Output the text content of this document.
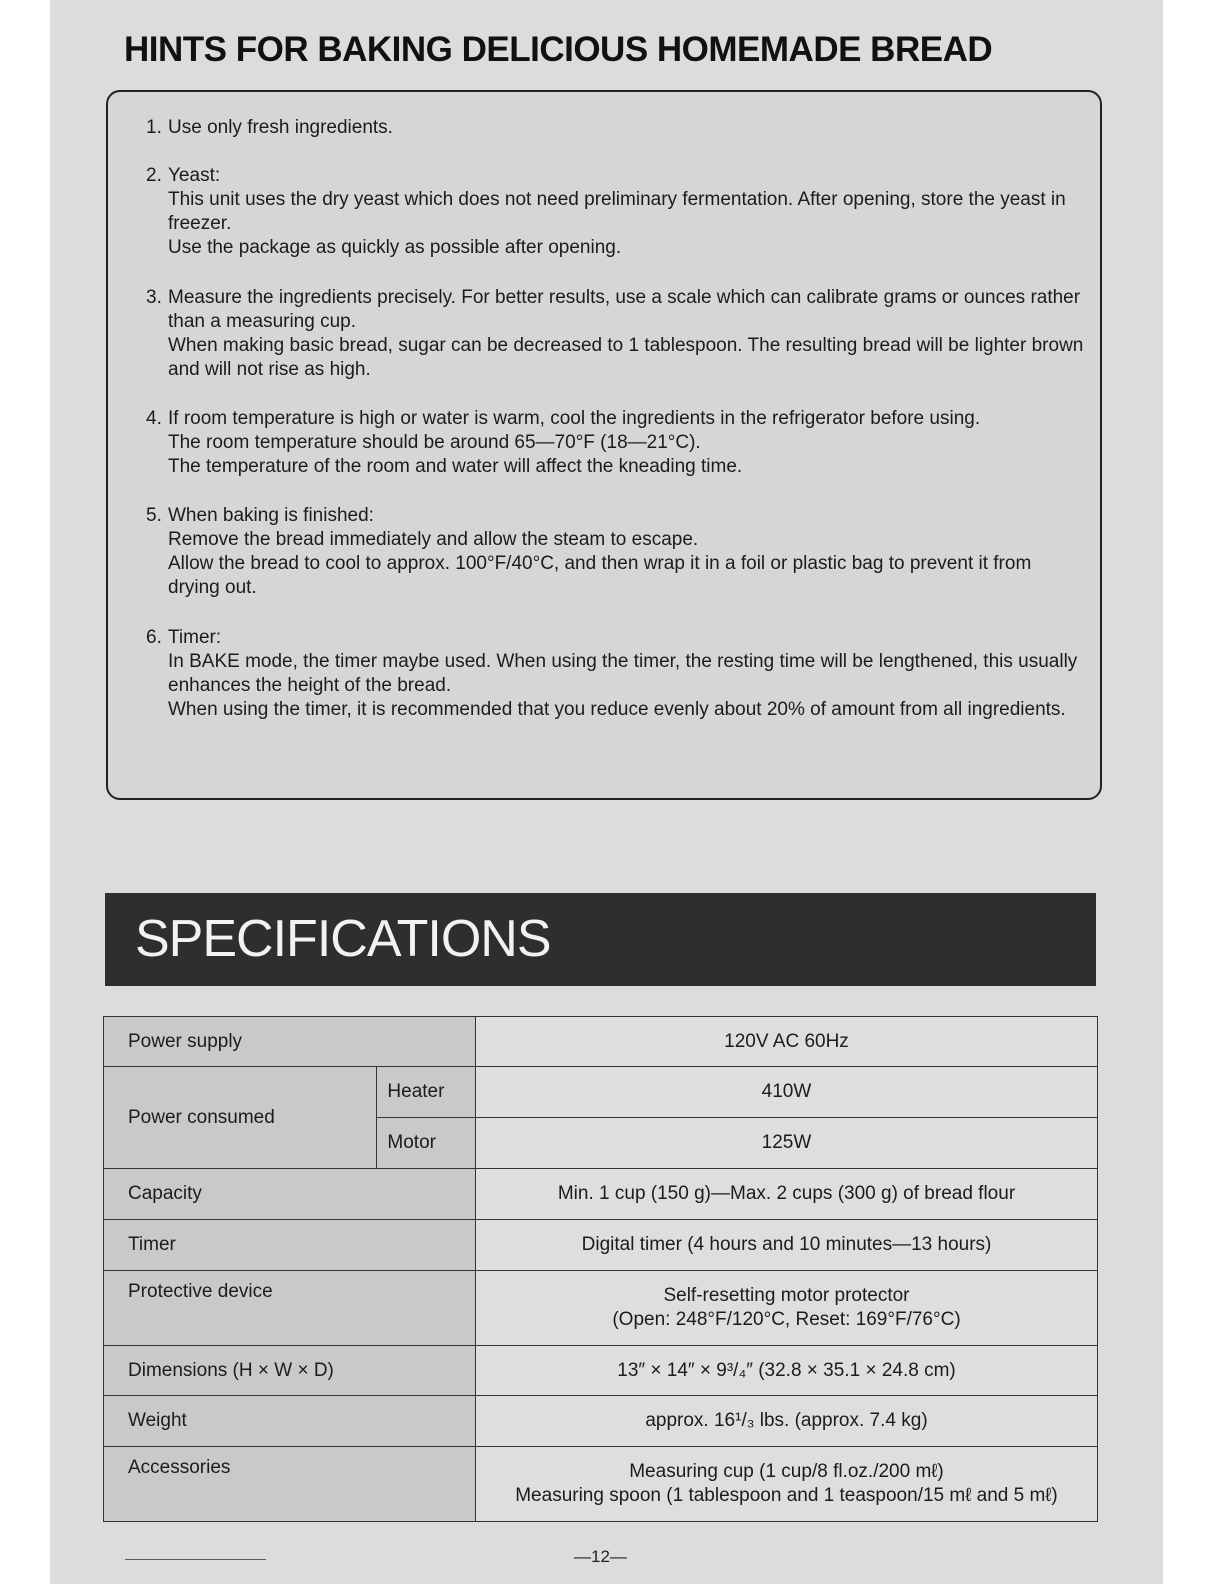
HINTS FOR BAKING DELICIOUS HOMEMADE BREAD
1. Use only fresh ingredients.

2. Yeast:

This unit uses the dry yeast which does not need preliminary fermentation. After opening, store the yeast in freezer.

Use the package as quickly as possible after opening.

3. Measure the ingredients precisely. For better results, use a scale which can calibrate grams or ounces rather than a measuring cup.

When making basic bread, sugar can be decreased to 1 tablespoon. The resulting bread will be lighter brown and will not rise as high.

4. If room temperature is high or water is warm, cool the ingredients in the refrigerator before using.

The room temperature should be around 65—70°F (18—21°C).

The temperature of the room and water will affect the kneading time.

5. When baking is finished:

Remove the bread immediately and allow the steam to escape.

Allow the bread to cool to approx. 100°F/40°C, and then wrap it in a foil or plastic bag to prevent it from drying out.

6. Timer:

In BAKE mode, the timer maybe used. When using the timer, the resting time will be lengthened, this usually enhances the height of the bread.

When using the timer, it is recommended that you reduce evenly about 20% of amount from all ingredients.

SPECIFICATIONS
Power supply		120V AC 60Hz
Power consumed	Heater	410W
	Motor	125W
Capacity		Min. 1 cup (150 g)—Max. 2 cups (300 g) of bread flour
Timer		Digital timer (4 hours and 10 minutes—13 hours)
Protective device		Self-resetting motor protector
(Open: 248°F/120°C, Reset: 169°F/76°C)

Dimensions (H × W × D)		13″ × 14″ × 9³/₄″ (32.8 × 35.1 × 24.8 cm)
Weight		approx. 16¹/₃ lbs. (approx. 7.4 kg)
Accessories		Measuring cup (1 cup/8 fl.oz./200 mℓ)
Measuring spoon (1 tablespoon and 1 teaspoon/15 mℓ and 5 mℓ)
—12—
